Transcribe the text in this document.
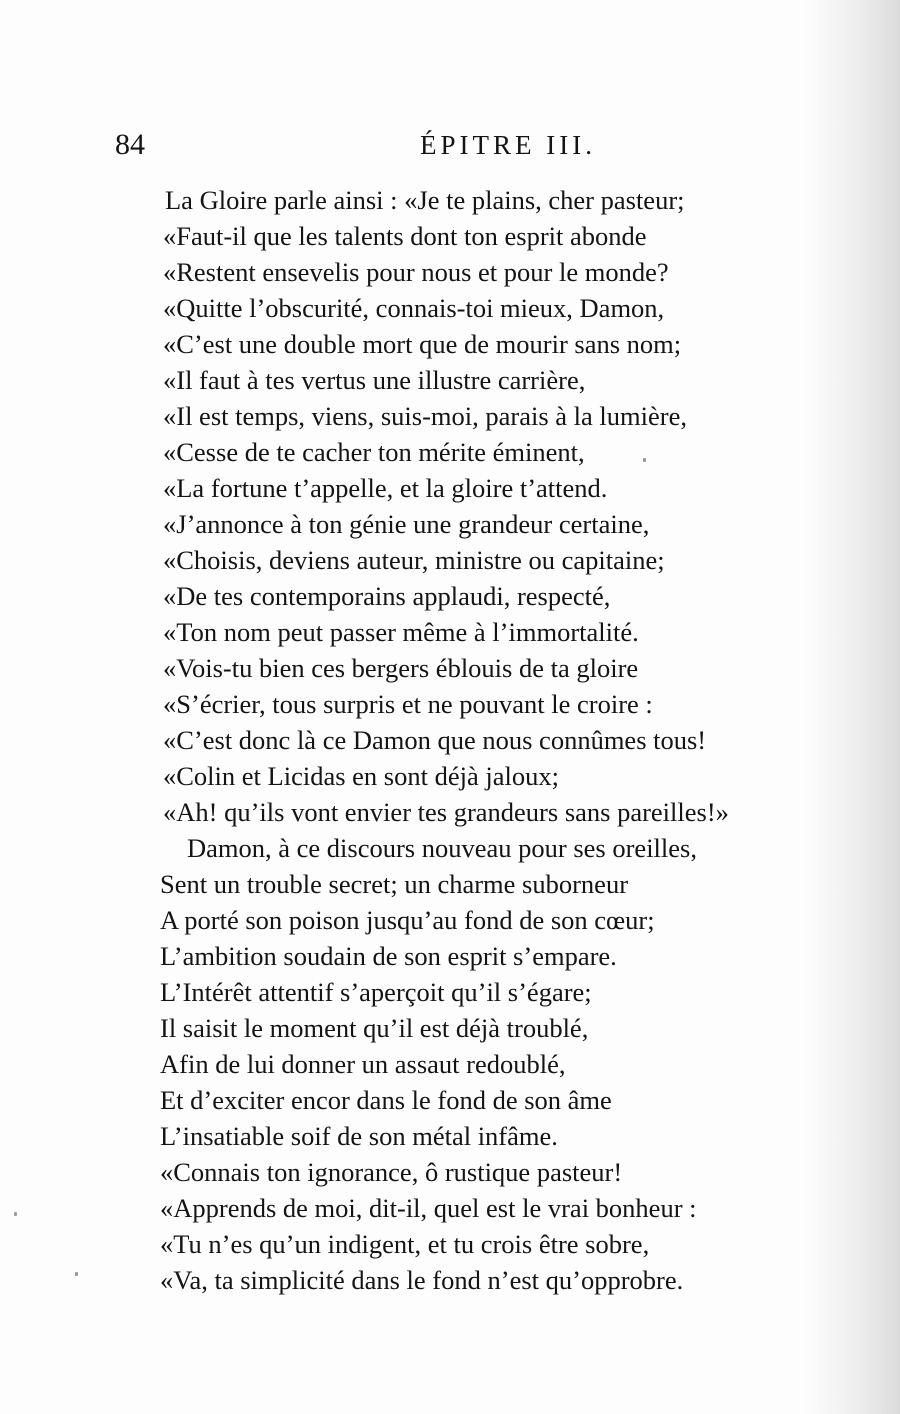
84	ÉPITRE III.
La Gloire parle ainsi : «Je te plains, cher pasteur;
«Faut-il que les talents dont ton esprit abonde
«Restent ensevelis pour nous et pour le monde?
«Quitte l’obscurité, connais-toi mieux, Damon,
«C’est une double mort que de mourir sans nom;
«Il faut à tes vertus une illustre carrière,
«Il est temps, viens, suis-moi, parais à la lumière,
«Cesse de te cacher ton mérite éminent,
«La fortune t’appelle, et la gloire t’attend.
«J’annonce à ton génie une grandeur certaine,
«Choisis, deviens auteur, ministre ou capitaine;
«De tes contemporains applaudi, respecté,
«Ton nom peut passer même à l’immortalité.
«Vois-tu bien ces bergers éblouis de ta gloire
«S’écrier, tous surpris et ne pouvant le croire :
«C’est donc là ce Damon que nous connûmes tous!
«Colin et Licidas en sont déjà jaloux;
«Ah! qu’ils vont envier tes grandeurs sans pareilles!»
Damon, à ce discours nouveau pour ses oreilles,
Sent un trouble secret; un charme suborneur
A porté son poison jusqu’au fond de son cœur;
L’ambition soudain de son esprit s’empare.
L’Intérêt attentif s’aperçoit qu’il s’égare;
Il saisit le moment qu’il est déjà troublé,
Afin de lui donner un assaut redoublé,
Et d’exciter encor dans le fond de son âme
L’insatiable soif de son métal infâme.
«Connais ton ignorance, ô rustique pasteur!
«Apprends de moi, dit-il, quel est le vrai bonheur :
«Tu n’es qu’un indigent, et tu crois être sobre,
«Va, ta simplicité dans le fond n’est qu’opprobre.
